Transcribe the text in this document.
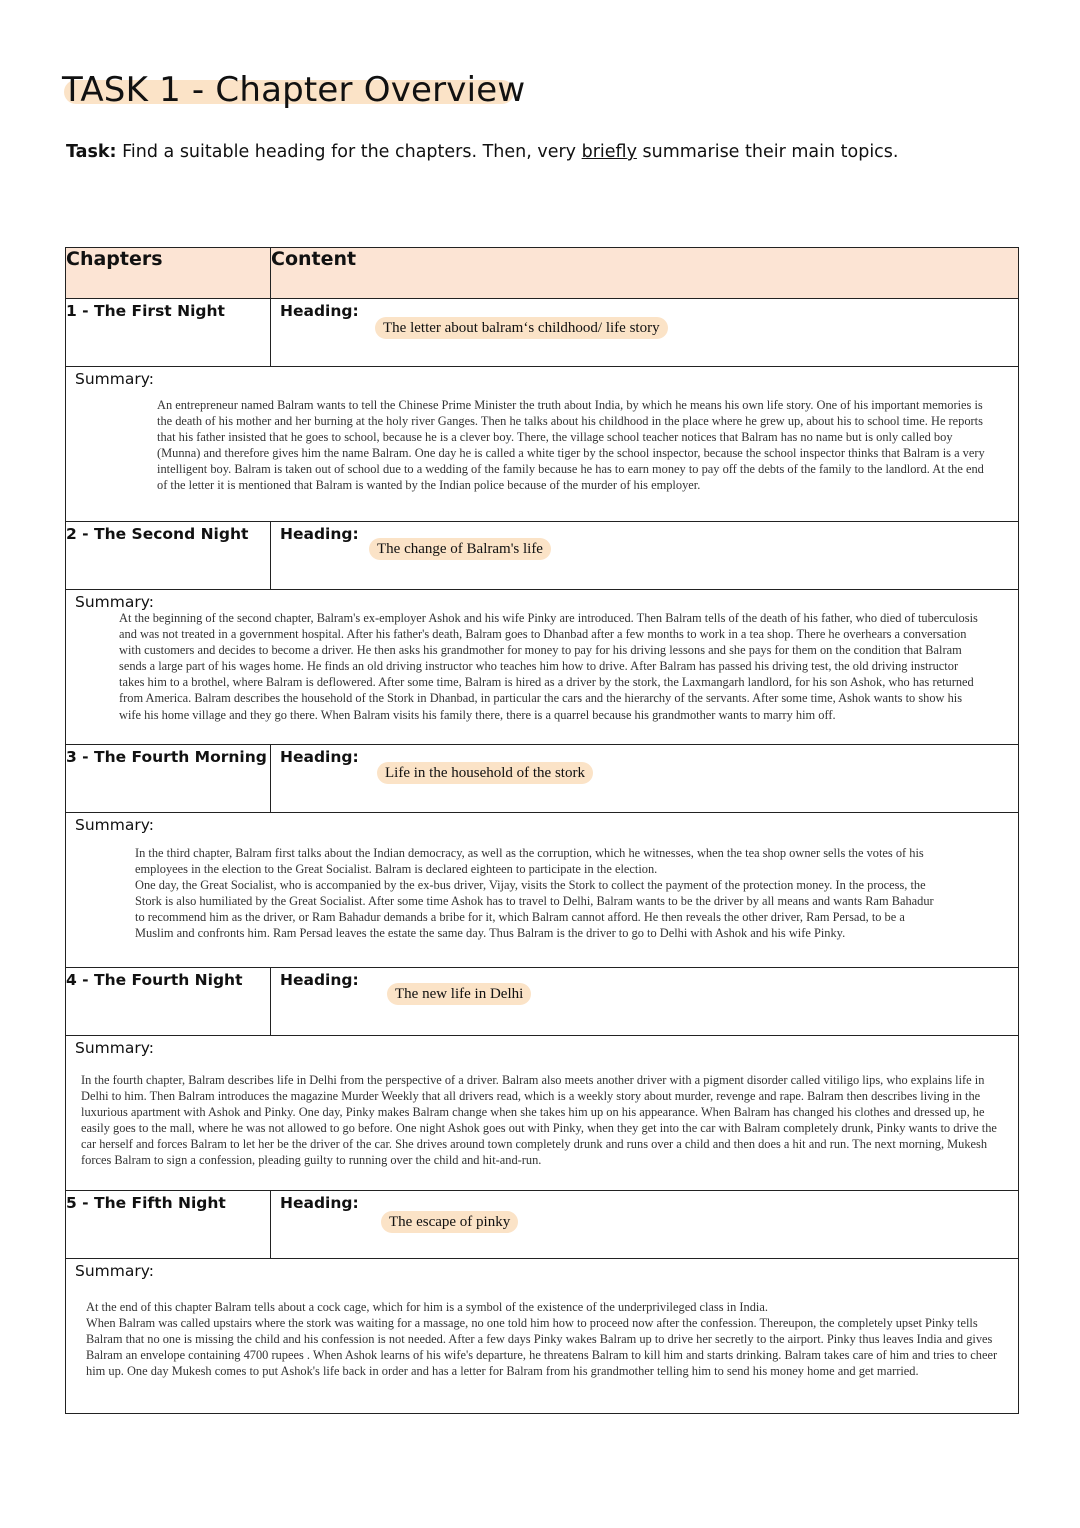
TASK 1 - Chapter Overview
Task: Find a suitable heading for the chapters. Then, very briefly summarise their main topics.
Chapters	Content
1 - The First Night	Heading:
The letter about balram‘s childhood/ life story

Summary:

An entrepreneur named Balram wants to tell the Chinese Prime Minister the truth about India, by which he means his own life story. One of his important memories is the death of his mother and her burning at the holy river Ganges. Then he talks about his childhood in the place where he grew up, about his to school time. He reports that his father insisted that he goes to school, because he is a clever boy. There, the village school teacher notices that Balram has no name but is only called boy (Munna) and therefore gives him the name Balram. One day he is called a white tiger by the school inspector, because the school inspector thinks that Balram is a very intelligent boy. Balram is taken out of school due to a wedding of the family because he has to earn money to pay off the debts of the family to the landlord. At the end of the letter it is mentioned that Balram is wanted by the Indian police because of the murder of his employer.	

2 - The Second Night	Heading:
The change of Balram's life

Summary:

At the beginning of the second chapter, Balram's ex-employer Ashok and his wife Pinky are introduced. Then Balram tells of the death of his father, who died of tuberculosis and was not treated in a government hospital. After his father's death, Balram goes to Dhanbad after a few months to work in a tea shop. There he overhears a conversation with customers and decides to become a driver. He then asks his grandmother for money to pay for his driving lessons and she pays for them on the condition that Balram sends a large part of his wages home. He finds an old driving instructor who teaches him how to drive. After Balram has passed his driving test, the old driving instructor takes him to a brothel, where Balram is deflowered. After some time, Balram is hired as a driver by the stork, the Laxmangarh landlord, for his son Ashok, who has returned from America. Balram describes the household of the Stork in Dhanbad, in particular the cars and the hierarchy of the servants. After some time, Ashok wants to show his wife his home village and they go there. When Balram visits his family there, there is a quarrel because his grandmother wants to marry him off.	

3 - The Fourth Morning	Heading:
Life in the household of the stork

Summary:

In the third chapter, Balram first talks about the Indian democracy, as well as the corruption, which he witnesses, when the tea shop owner sells the votes of his employees in the election to the Great Socialist. Balram is declared eighteen to participate in the election.

One day, the Great Socialist, who is accompanied by the ex-bus driver, Vijay, visits the Stork to collect the payment of the protection money. In the process, the Stork is also humiliated by the Great Socialist. After some time Ashok has to travel to Delhi, Balram wants to be the driver by all means and wants Ram Bahadur to recommend him as the driver, or Ram Bahadur demands a bribe for it, which Balram cannot afford. He then reveals the other driver, Ram Persad, to be a Muslim and confronts him. Ram Persad leaves the estate the same day. Thus Balram is the driver to go to Delhi with Ashok and his wife Pinky.	

4 - The Fourth Night	Heading:
The new life in Delhi

Summary:

In the fourth chapter, Balram describes life in Delhi from the perspective of a driver. Balram also meets another driver with a pigment disorder called vitiligo lips, who explains life in Delhi to him. Then Balram introduces the magazine Murder Weekly that all drivers read, which is a weekly story about murder, revenge and rape. Balram then describes living in the luxurious apartment with Ashok and Pinky. One day, Pinky makes Balram change when she takes him up on his appearance. When Balram has changed his clothes and dressed up, he easily goes to the mall, where he was not allowed to go before. One night Ashok goes out with Pinky, when they get into the car with Balram completely drunk, Pinky wants to drive the car herself and forces Balram to let her be the driver of the car. She drives around town completely drunk and runs over a child and then does a hit and run. The next morning, Mukesh forces Balram to sign a confession, pleading guilty to running over the child and hit-and-run.	

5 - The Fifth Night	Heading:
The escape of pinky

Summary:

At the end of this chapter Balram tells about a cock cage, which for him is a symbol of the existence of the underprivileged class in India.

When Balram was called upstairs where the stork was waiting for a massage, no one told him how to proceed now after the confession. Thereupon, the completely upset Pinky tells Balram that no one is missing the child and his confession is not needed. After a few days Pinky wakes Balram up to drive her secretly to the airport. Pinky thus leaves India and gives Balram an envelope containing 4700 rupees . When Ashok learns of his wife's departure, he threatens Balram to kill him and starts drinking. Balram takes care of him and tries to cheer him up. One day Mukesh comes to put Ashok's life back in order and has a letter for Balram from his grandmother telling him to send his money home and get married.	
